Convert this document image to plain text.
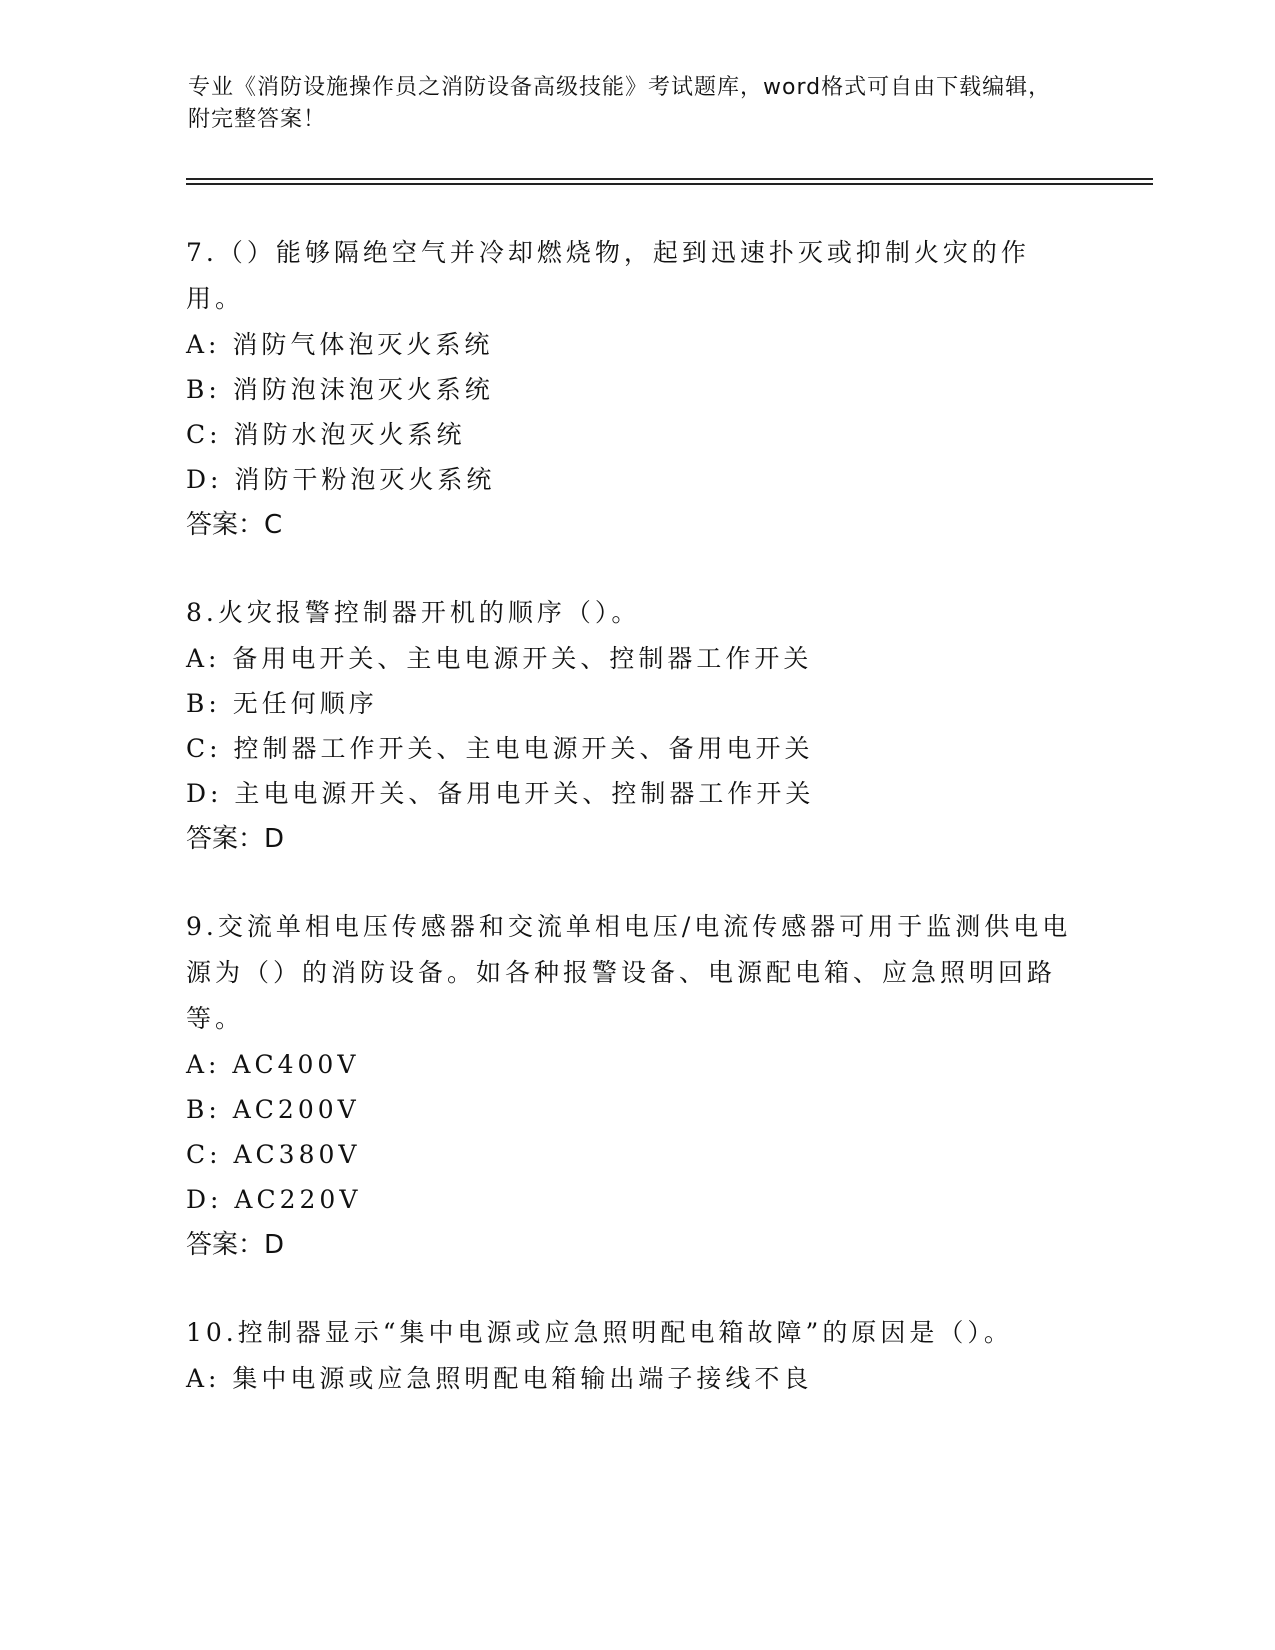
专业《消防设施操作员之消防设备高级技能》考试题库，word格式可自由下载编辑，附完整答案！

7.（）能够隔绝空气并冷却燃烧物，起到迅速扑灭或抑制火灾的作用。

A: 消防气体泡灭火系统

B: 消防泡沫泡灭火系统

C: 消防水泡灭火系统

D: 消防干粉泡灭火系统

答案：C

8.火灾报警控制器开机的顺序（）。

A: 备用电开关、主电电源开关、控制器工作开关

B: 无任何顺序

C: 控制器工作开关、主电电源开关、备用电开关

D: 主电电源开关、备用电开关、控制器工作开关

答案：D

9.交流单相电压传感器和交流单相电压/电流传感器可用于监测供电电源为（）的消防设备。如各种报警设备、电源配电箱、应急照明回路等。

A: AC400V

B: AC200V

C: AC380V

D: AC220V

答案：D

10.控制器显示“集中电源或应急照明配电箱故障”的原因是（）。

A: 集中电源或应急照明配电箱输出端子接线不良
